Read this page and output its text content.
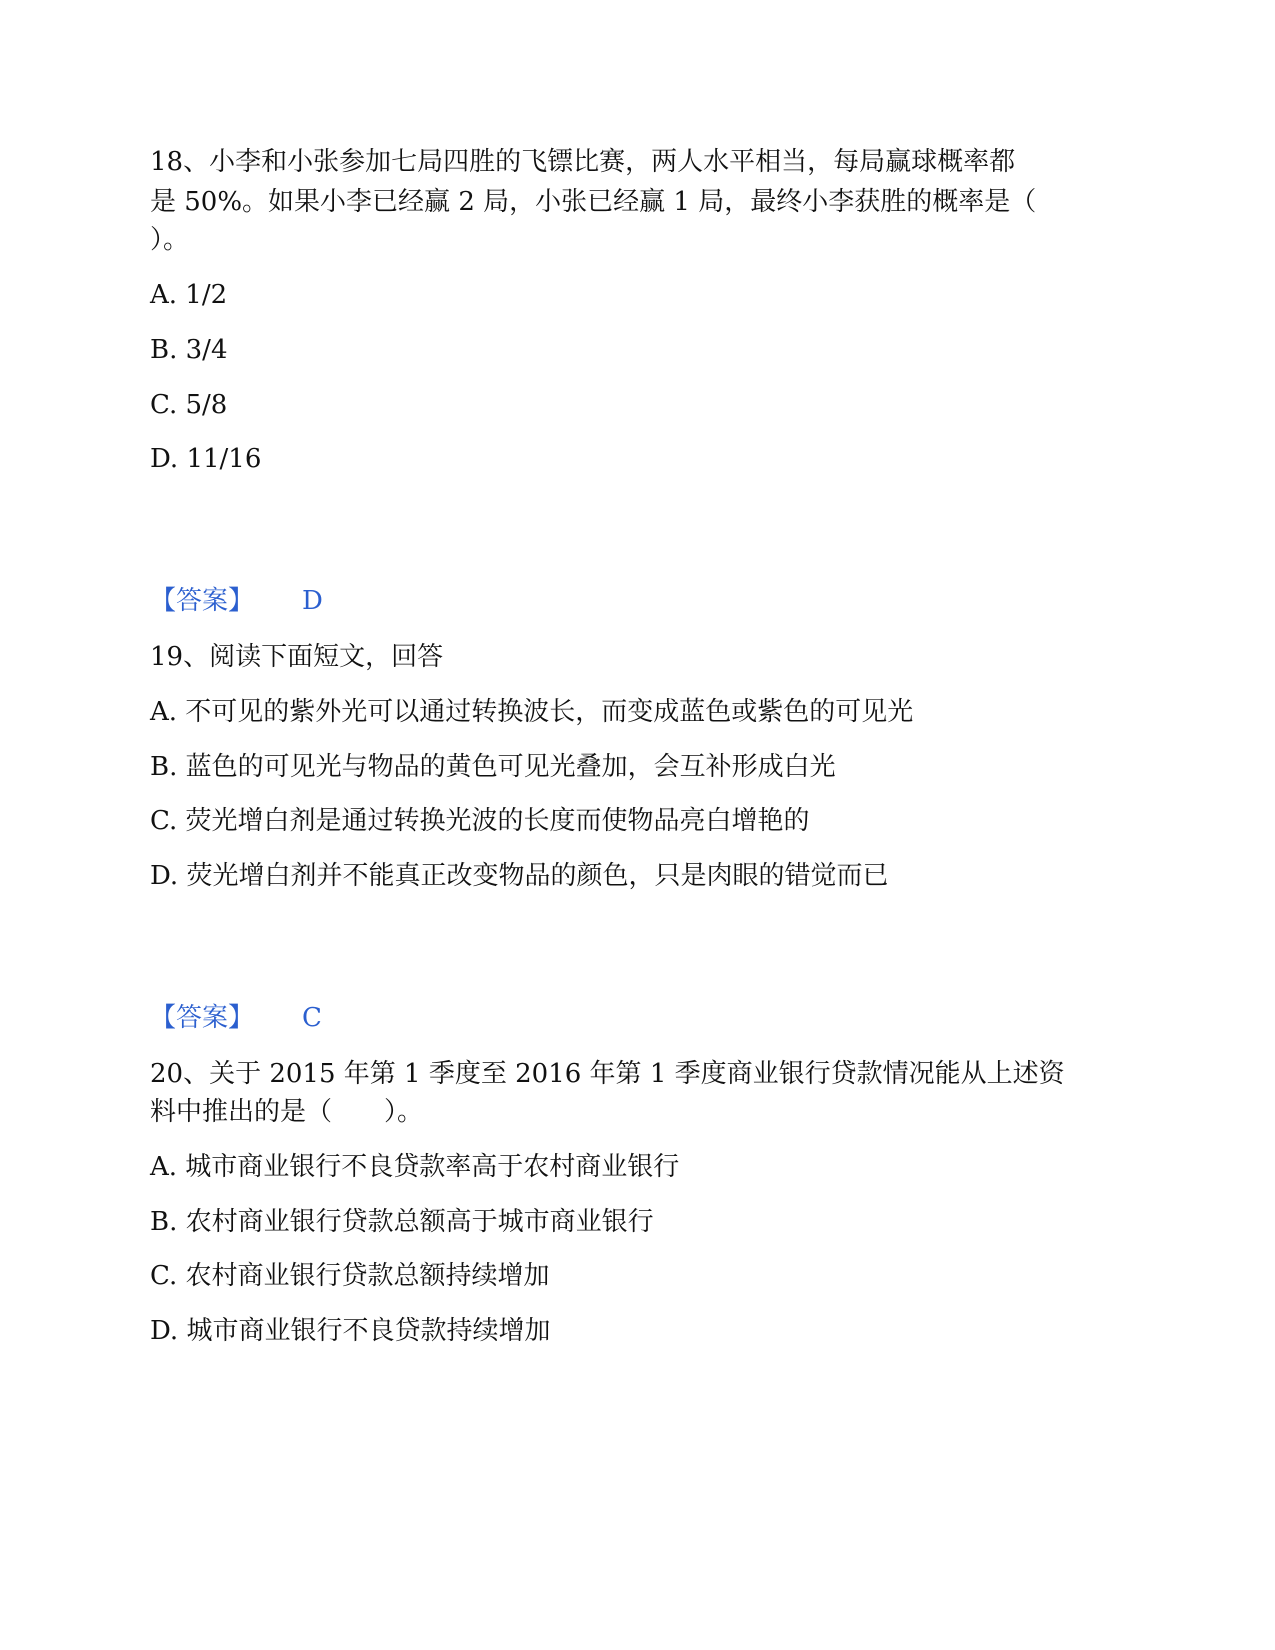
18、小李和小张参加七局四胜的飞镖比赛，两人水平相当，每局赢球概率都
是 50%。如果小李已经赢 2 局，小张已经赢 1 局，最终小李获胜的概率是（
）。
A. 1/2
B. 3/4
C. 5/8
D. 11/16
【答案】 D
19、阅读下面短文，回答
A. 不可见的紫外光可以通过转换波长，而变成蓝色或紫色的可见光
B. 蓝色的可见光与物品的黄色可见光叠加，会互补形成白光
C. 荧光增白剂是通过转换光波的长度而使物品亮白增艳的
D. 荧光增白剂并不能真正改变物品的颜色，只是肉眼的错觉而已
【答案】 C
20、关于 2015 年第 1 季度至 2016 年第 1 季度商业银行贷款情况能从上述资
料中推出的是（　　）。
A. 城市商业银行不良贷款率高于农村商业银行
B. 农村商业银行贷款总额高于城市商业银行
C. 农村商业银行贷款总额持续增加
D. 城市商业银行不良贷款持续增加
